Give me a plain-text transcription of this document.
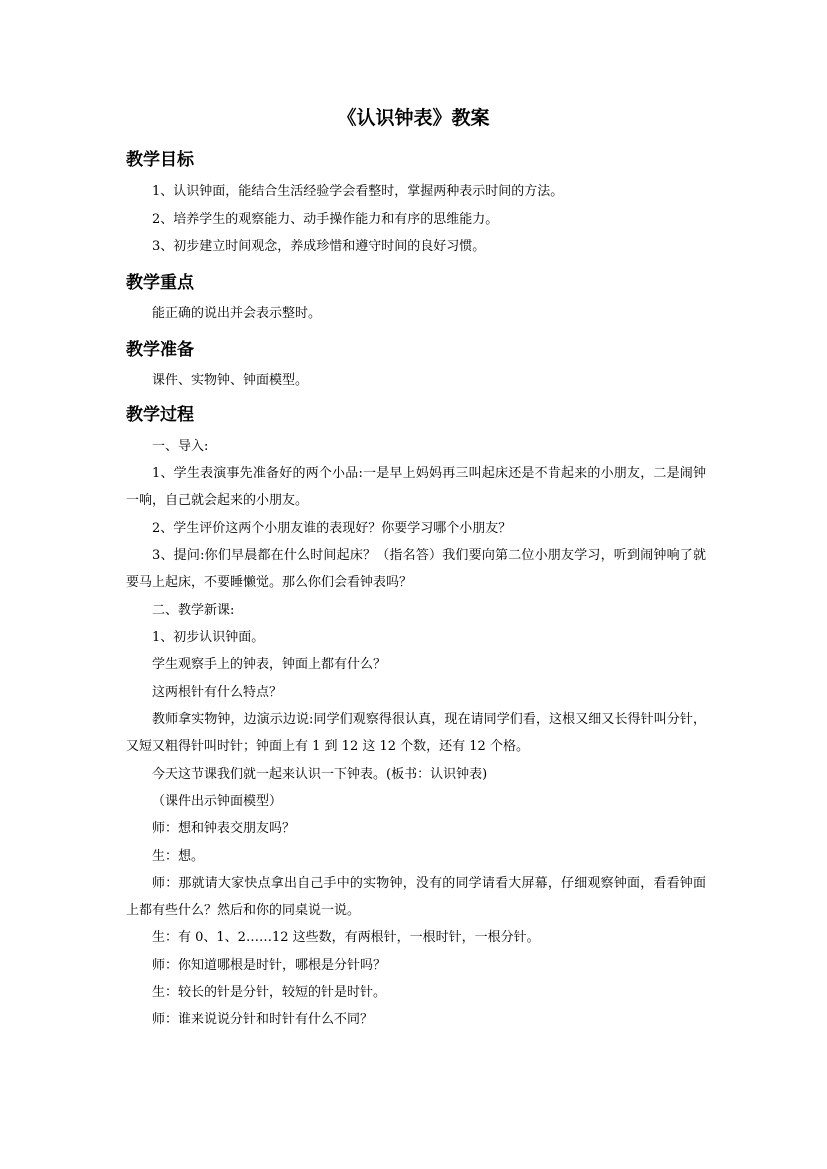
《认识钟表》教案
教学目标
1、认识钟面，能结合生活经验学会看整时，掌握两种表示时间的方法。
2、培养学生的观察能力、动手操作能力和有序的思维能力。
3、初步建立时间观念，养成珍惜和遵守时间的良好习惯。
教学重点
能正确的说出并会表示整时。
教学准备
课件、实物钟、钟面模型。
教学过程
一、导入:
1、学生表演事先准备好的两个小品:一是早上妈妈再三叫起床还是不肯起来的小朋友，二是闹钟一响，自己就会起来的小朋友。
2、学生评价这两个小朋友谁的表现好？你要学习哪个小朋友？
3、提问:你们早晨都在什么时间起床？（指名答）我们要向第二位小朋友学习，听到闹钟响了就要马上起床，不要睡懒觉。那么你们会看钟表吗？
二、教学新课:
1、初步认识钟面。
学生观察手上的钟表，钟面上都有什么？
这两根针有什么特点？
教师拿实物钟，边演示边说:同学们观察得很认真，现在请同学们看，这根又细又长得针叫分针，又短又粗得针叫时针；钟面上有 1 到 12 这 12 个数，还有 12 个格。
今天这节课我们就一起来认识一下钟表。(板书：认识钟表)
（课件出示钟面模型）
师：想和钟表交朋友吗？
生：想。
师：那就请大家快点拿出自己手中的实物钟，没有的同学请看大屏幕，仔细观察钟面，看看钟面上都有些什么？然后和你的同桌说一说。
生：有 0、1、2……12 这些数，有两根针，一根时针，一根分针。
师：你知道哪根是时针，哪根是分针吗？
生：较长的针是分针，较短的针是时针。
师：谁来说说分针和时针有什么不同？
